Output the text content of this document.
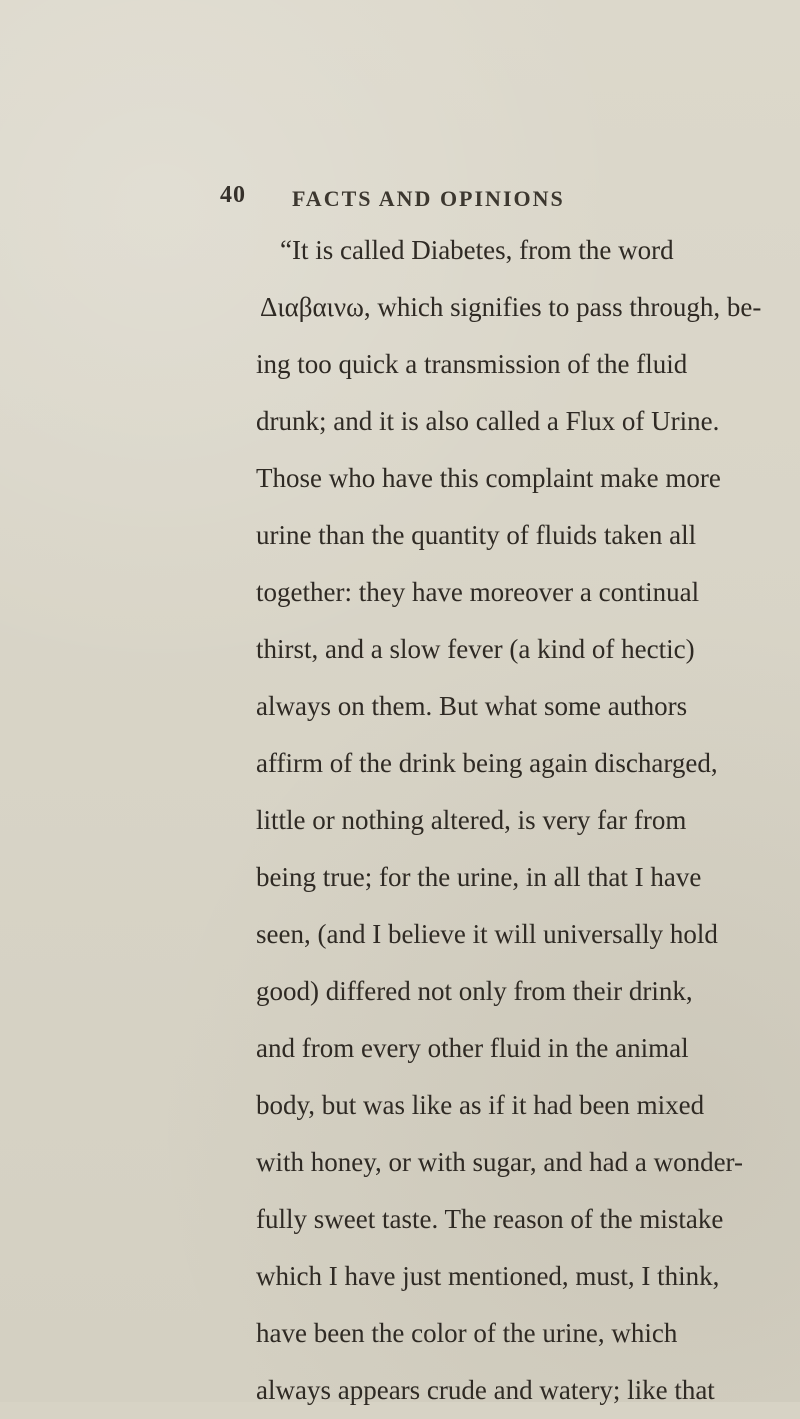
40 FACTS AND OPINIONS
“It is called Diabetes, from the word
Διαβαινω, which signifies to pass through, be-
ing too quick a transmission of the fluid
drunk; and it is also called a Flux of Urine.
Those who have this complaint make more
urine than the quantity of fluids taken all
together: they have moreover a continual
thirst, and a slow fever (a kind of hectic)
always on them. But what some authors
affirm of the drink being again discharged,
little or nothing altered, is very far from
being true; for the urine, in all that I have
seen, (and I believe it will universally hold
good) differed not only from their drink,
and from every other fluid in the animal
body, but was like as if it had been mixed
with honey, or with sugar, and had a wonder-
fully sweet taste. The reason of the mistake
which I have just mentioned, must, I think,
have been the color of the urine, which
always appears crude and watery; like that
